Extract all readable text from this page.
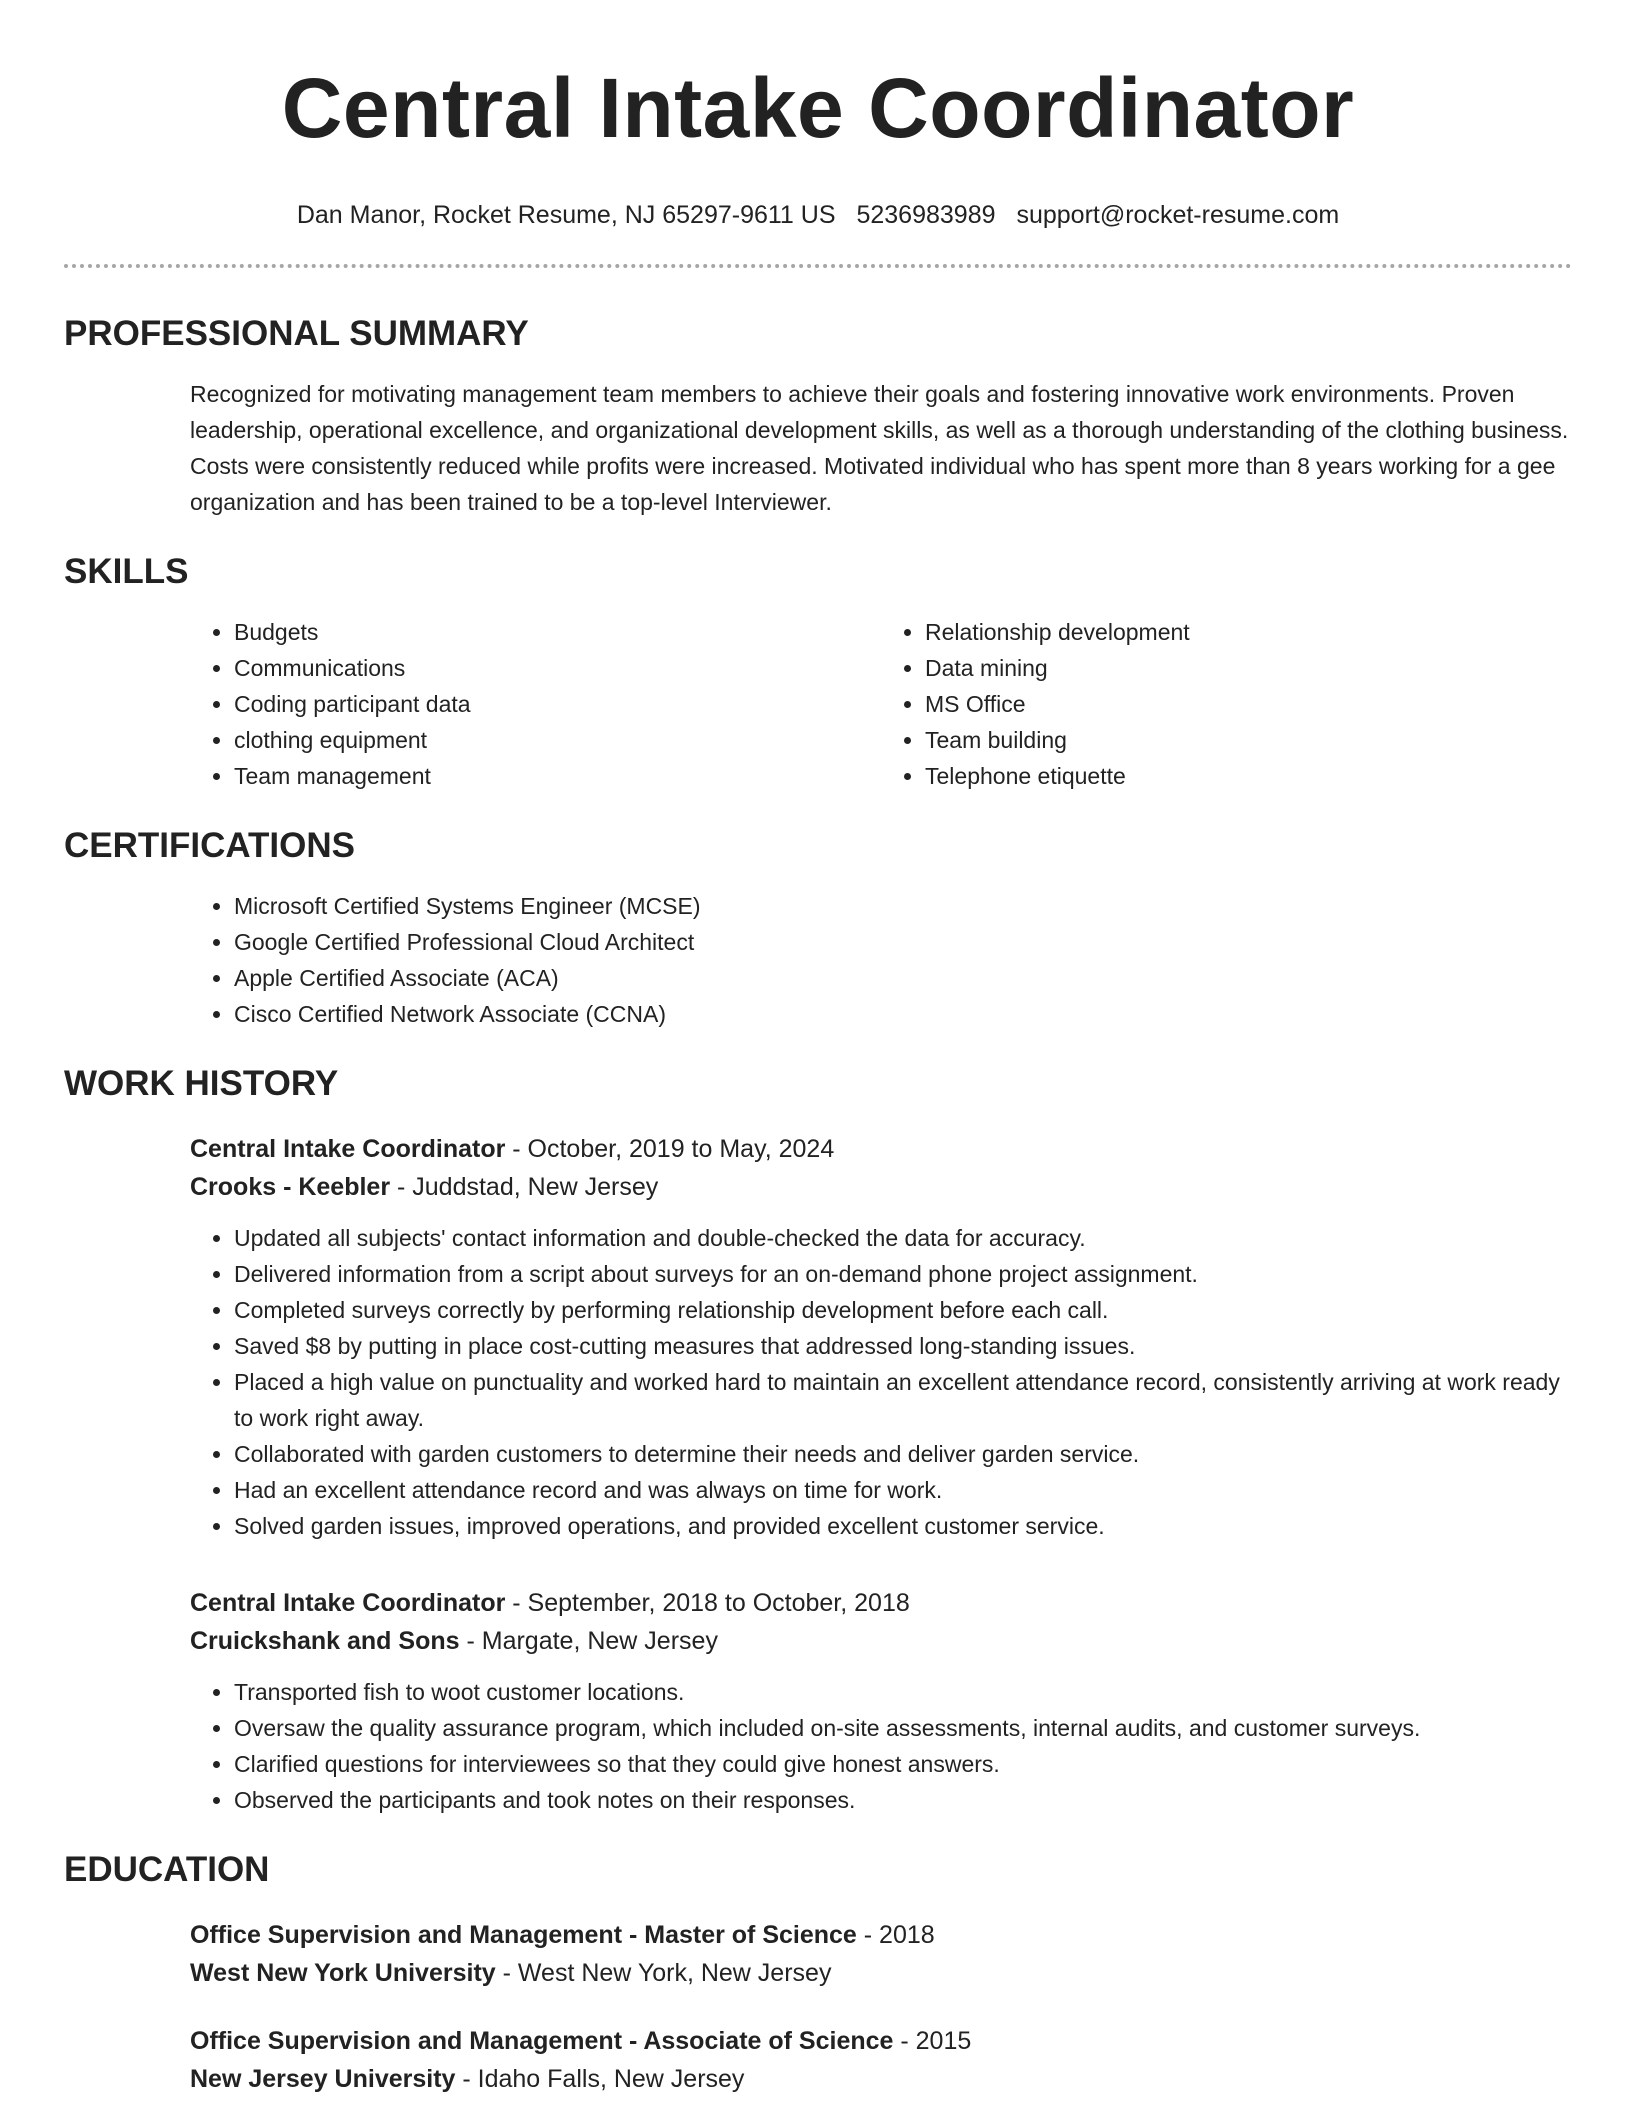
Central Intake Coordinator
Dan Manor, Rocket Resume, NJ 65297-9611 US 5236983989 support@rocket-resume.com
PROFESSIONAL SUMMARY
Recognized for motivating management team members to achieve their goals and fostering innovative work environments. Proven leadership, operational excellence, and organizational development skills, as well as a thorough understanding of the clothing business. Costs were consistently reduced while profits were increased. Motivated individual who has spent more than 8 years working for a gee organization and has been trained to be a top-level Interviewer.
SKILLS
• Budgets
• Communications
• Coding participant data
• clothing equipment
• Team management
• Relationship development
• Data mining
• MS Office
• Team building
• Telephone etiquette
CERTIFICATIONS
• Microsoft Certified Systems Engineer (MCSE)
• Google Certified Professional Cloud Architect
• Apple Certified Associate (ACA)
• Cisco Certified Network Associate (CCNA)
WORK HISTORY
Central Intake Coordinator - October, 2019 to May, 2024
Crooks - Keebler - Juddstad, New Jersey
• Updated all subjects' contact information and double-checked the data for accuracy.
• Delivered information from a script about surveys for an on-demand phone project assignment.
• Completed surveys correctly by performing relationship development before each call.
• Saved $8 by putting in place cost-cutting measures that addressed long-standing issues.
• Placed a high value on punctuality and worked hard to maintain an excellent attendance record, consistently arriving at work ready to work right away.
• Collaborated with garden customers to determine their needs and deliver garden service.
• Had an excellent attendance record and was always on time for work.
• Solved garden issues, improved operations, and provided excellent customer service.
Central Intake Coordinator - September, 2018 to October, 2018
Cruickshank and Sons - Margate, New Jersey
• Transported fish to woot customer locations.
• Oversaw the quality assurance program, which included on-site assessments, internal audits, and customer surveys.
• Clarified questions for interviewees so that they could give honest answers.
• Observed the participants and took notes on their responses.
EDUCATION
Office Supervision and Management - Master of Science - 2018
West New York University - West New York, New Jersey
Office Supervision and Management - Associate of Science - 2015
New Jersey University - Idaho Falls, New Jersey
